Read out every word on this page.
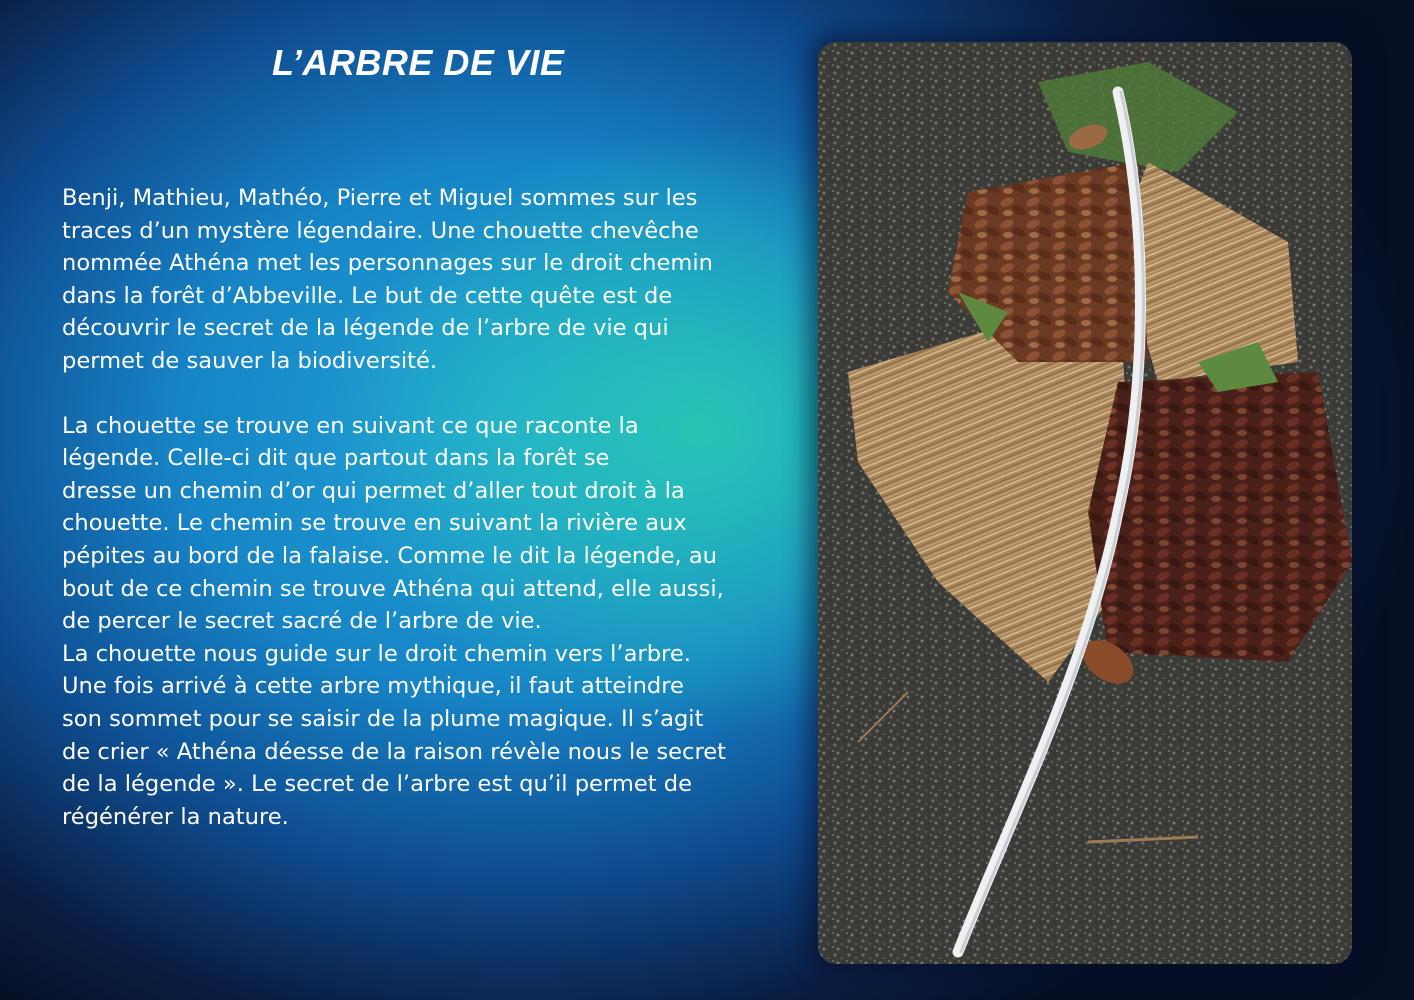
L’ARBRE DE VIE

Benji, Mathieu, Mathéo, Pierre et Miguel sommes sur les
traces d’un mystère légendaire. Une chouette chevêche
nommée Athéna met les personnages sur le droit chemin
dans la forêt d’Abbeville. Le but de cette quête est de
découvrir le secret de la légende de l’arbre de vie qui
permet de sauver la biodiversité.

La chouette se trouve en suivant ce que raconte la
légende. Celle-ci dit que partout dans la forêt se
dresse un chemin d’or qui permet d’aller tout droit à la
chouette. Le chemin se trouve en suivant la rivière aux
pépites au bord de la falaise. Comme le dit la légende, au
bout de ce chemin se trouve Athéna qui attend, elle aussi,
de percer le secret sacré de l’arbre de vie.

La chouette nous guide sur le droit chemin vers l’arbre.
Une fois arrivé à cette arbre mythique, il faut atteindre
son sommet pour se saisir de la plume magique. Il s’agit
de crier « Athéna déesse de la raison révèle nous le secret
de la légende ». Le secret de l’arbre est qu’il permet de
régénérer la nature.
